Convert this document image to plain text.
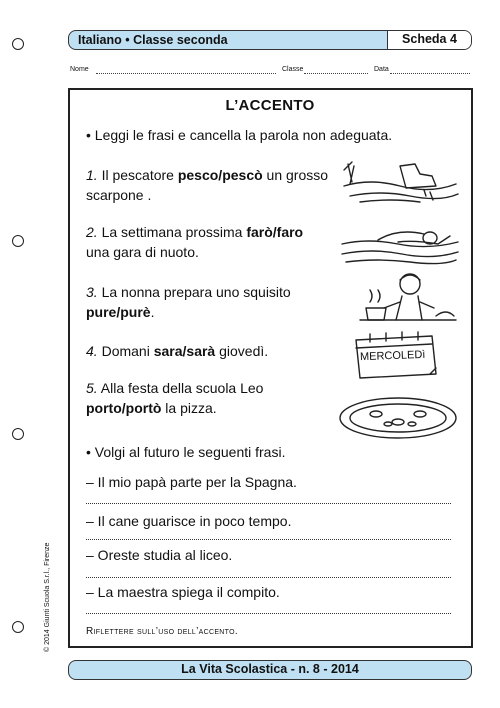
Italiano • Classe seconda	Scheda 4
Nome	Classe	Data
L’ACCENTO
• Leggi le frasi e cancella la parola non adeguata.
1. Il pescatore pesco/pescò un grosso
scarpone .
2. La settimana prossima farò/faro
una gara di nuoto.
3. La nonna prepara uno squisito
pure/purè.
4. Domani sara/sarà giovedì.
5. Alla festa della scuola Leo
porto/portò la pizza.
MERCOLEDì
• Volgi al futuro le seguenti frasi.
– Il mio papà parte per la Spagna.
– Il cane guarisce in poco tempo.
– Oreste studia al liceo.
– La maestra spiega il compito.
Riflettere sull’uso dell’accento.
© 2014 Giunti Scuola S.r.l., Firenze
La Vita Scolastica - n. 8 - 2014
